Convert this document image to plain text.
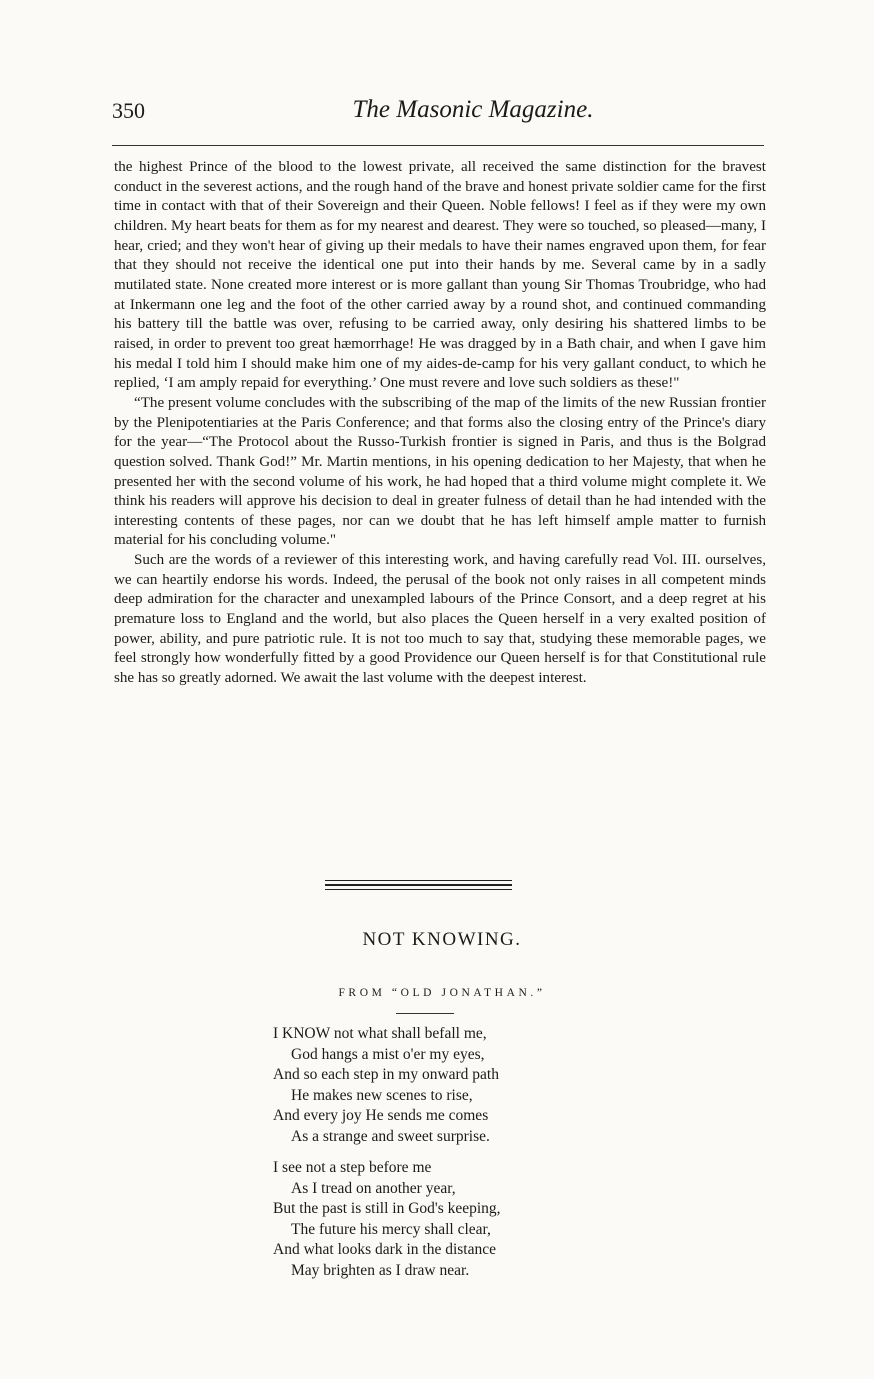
350	The Masonic Magazine.

the highest Prince of the blood to the lowest private, all received the same distinction for the bravest conduct in the severest actions, and the rough hand of the brave and honest private soldier came for the first time in contact with that of their Sovereign and their Queen. Noble fellows! I feel as if they were my own children. My heart beats for them as for my nearest and dearest. They were so touched, so pleased—many, I hear, cried; and they won't hear of giving up their medals to have their names engraved upon them, for fear that they should not receive the identical one put into their hands by me. Several came by in a sadly mutilated state. None created more interest or is more gallant than young Sir Thomas Troubridge, who had at Inkermann one leg and the foot of the other carried away by a round shot, and continued commanding his battery till the battle was over, refusing to be carried away, only desiring his shattered limbs to be raised, in order to prevent too great hæmorrhage! He was dragged by in a Bath chair, and when I gave him his medal I told him I should make him one of my aides-de-camp for his very gallant conduct, to which he replied, ‘I am amply repaid for everything.’ One must revere and love such soldiers as these!"

“The present volume concludes with the subscribing of the map of the limits of the new Russian frontier by the Plenipotentiaries at the Paris Conference; and that forms also the closing entry of the Prince's diary for the year—“The Protocol about the Russo-Turkish frontier is signed in Paris, and thus is the Bolgrad question solved. Thank God!” Mr. Martin mentions, in his opening dedication to her Majesty, that when he presented her with the second volume of his work, he had hoped that a third volume might complete it. We think his readers will approve his decision to deal in greater fulness of detail than he had intended with the interesting contents of these pages, nor can we doubt that he has left himself ample matter to furnish material for his concluding volume."

Such are the words of a reviewer of this interesting work, and having carefully read Vol. III. ourselves, we can heartily endorse his words. Indeed, the perusal of the book not only raises in all competent minds deep admiration for the character and unexampled labours of the Prince Consort, and a deep regret at his premature loss to England and the world, but also places the Queen herself in a very exalted position of power, ability, and pure patriotic rule. It is not too much to say that, studying these memorable pages, we feel strongly how wonderfully fitted by a good Providence our Queen herself is for that Constitutional rule she has so greatly adorned. We await the last volume with the deepest interest.

NOT KNOWING.
FROM “OLD JONATHAN.”
I KNOW not what shall befall me,
God hangs a mist o'er my eyes,
And so each step in my onward path
He makes new scenes to rise,
And every joy He sends me comes
As a strange and sweet surprise.
I see not a step before me
As I tread on another year,
But the past is still in God's keeping,
The future his mercy shall clear,
And what looks dark in the distance
May brighten as I draw near.
